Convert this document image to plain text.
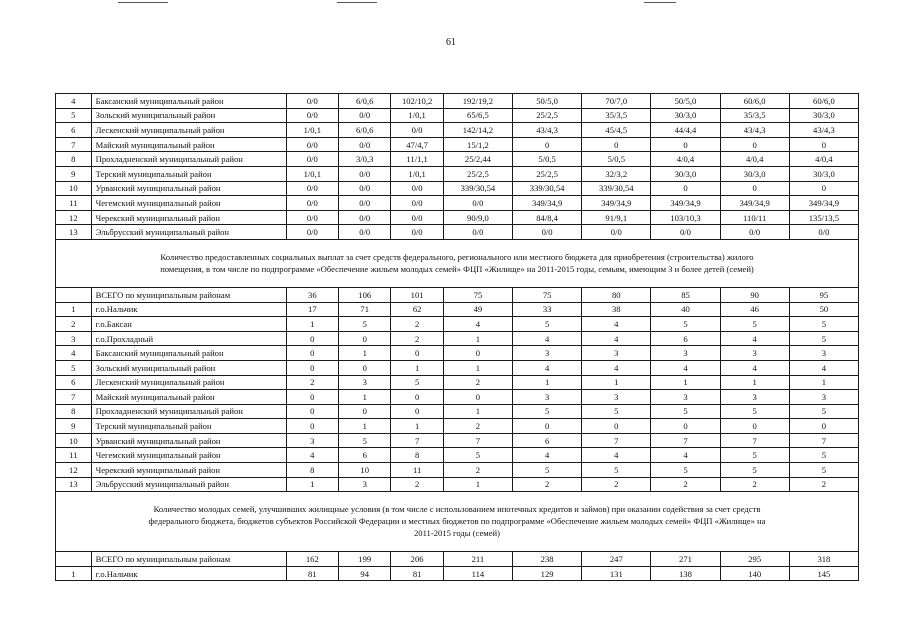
61
4	Баксанский муниципальный район	0/0	6/0,6	102/10,2	192/19,2	50/5,0	70/7,0	50/5,0	60/6,0	60/6,0
5	Зольский муниципальный район	0/0	0/0	1/0,1	65/6,5	25/2,5	35/3,5	30/3,0	35/3,5	30/3,0
6	Лескенский муниципальный район	1/0,1	6/0,6	0/0	142/14,2	43/4,3	45/4,5	44/4,4	43/4,3	43/4,3
7	Майский муниципальный район	0/0	0/0	47/4,7	15/1,2	0	0	0	0	0
8	Прохладненский муниципальный район	0/0	3/0,3	11/1,1	25/2,44	5/0,5	5/0,5	4/0,4	4/0,4	4/0,4
9	Терский муниципальный район	1/0,1	0/0	1/0,1	25/2,5	25/2,5	32/3,2	30/3,0	30/3,0	30/3,0
10	Урванский муниципальный район	0/0	0/0	0/0	339/30,54	339/30,54	339/30,54	0	0	0
11	Чегемский муниципальный район	0/0	0/0	0/0	0/0	349/34,9	349/34,9	349/34,9	349/34,9	349/34,9
12	Черекский муниципальный район	0/0	0/0	0/0	90/9,0	84/8,4	91/9,1	103/10,3	110/11	135/13,5
13	Эльбрусский муниципальный район	0/0	0/0	0/0	0/0	0/0	0/0	0/0	0/0	0/0

Количество предоставленных социальных выплат за счет средств федерального, регионального или местного бюджета для приобретения (строительства) жилого
помещения, в том числе по подпрограмме «Обеспечение жильем молодых семей» ФЦП «Жилище» на 2011-2015 годы, семьям, имеющим 3 и более детей (семей)										

	ВСЕГО по муниципальным районам	36	106	101	75	75	80	85	90	95
1	г.о.Нальчик	17	71	62	49	33	38	40	46	50
2	г.о.Баксан	1	5	2	4	5	4	5	5	5
3	г.о.Прохладный	0	0	2	1	4	4	6	4	5
4	Баксанский муниципальный район	0	1	0	0	3	3	3	3	3
5	Зольский муниципальный район	0	0	1	1	4	4	4	4	4
6	Лескенский муниципальный район	2	3	5	2	1	1	1	1	1
7	Майский муниципальный район	0	1	0	0	3	3	3	3	3
8	Прохладненский муниципальный район	0	0	0	1	5	5	5	5	5
9	Терский муниципальный район	0	1	1	2	0	0	0	0	0
10	Урванский муниципальный район	3	5	7	7	6	7	7	7	7
11	Чегемский муниципальный район	4	6	8	5	4	4	4	5	5
12	Черекский муниципальный район	8	10	11	2	5	5	5	5	5
13	Эльбрусский муниципальный район	1	3	2	1	2	2	2	2	2

Количество молодых семей, улучшивших жилищные условия (в том числе с использованием ипотечных кредитов и займов) при оказании содействия за счет средств
федерального бюджета, бюджетов субъектов Российской Федерации и местных бюджетов по подпрограмме «Обеспечение жильем молодых семей» ФЦП «Жилище» на
2011-2015 годы (семей)										

	ВСЕГО по муниципальным районам	162	199	206	211	238	247	271	295	318
1	г.о.Нальчик	81	94	81	114	129	131	138	140	145
